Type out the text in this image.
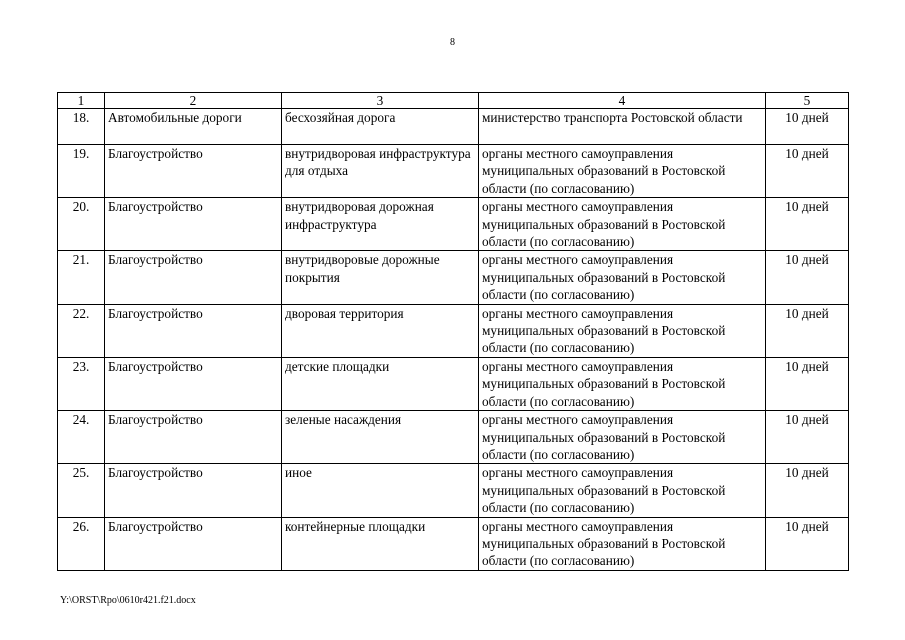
8
1	2	3	4	5
18.	Автомобильные дороги	бесхозяйная дорога	министерство транспорта Ростовской области	10 дней
19.	Благоустройство	внутридворовая инфраструктура для отдыха	органы местного самоуправления муниципальных образований в Ростовской области (по согласованию)	10 дней
20.	Благоустройство	внутридворовая дорожная инфраструктура	органы местного самоуправления муниципальных образований в Ростовской области (по согласованию)	10 дней
21.	Благоустройство	внутридворовые дорожные покрытия	органы местного самоуправления муниципальных образований в Ростовской области (по согласованию)	10 дней
22.	Благоустройство	дворовая территория	органы местного самоуправления муниципальных образований в Ростовской области (по согласованию)	10 дней
23.	Благоустройство	детские площадки	органы местного самоуправления муниципальных образований в Ростовской области (по согласованию)	10 дней
24.	Благоустройство	зеленые насаждения	органы местного самоуправления муниципальных образований в Ростовской области (по согласованию)	10 дней
25.	Благоустройство	иное	органы местного самоуправления муниципальных образований в Ростовской области (по согласованию)	10 дней
26.	Благоустройство	контейнерные площадки	органы местного самоуправления муниципальных образований в Ростовской области (по согласованию)	10 дней
Y:\ORST\Rpo\0610r421.f21.docx
